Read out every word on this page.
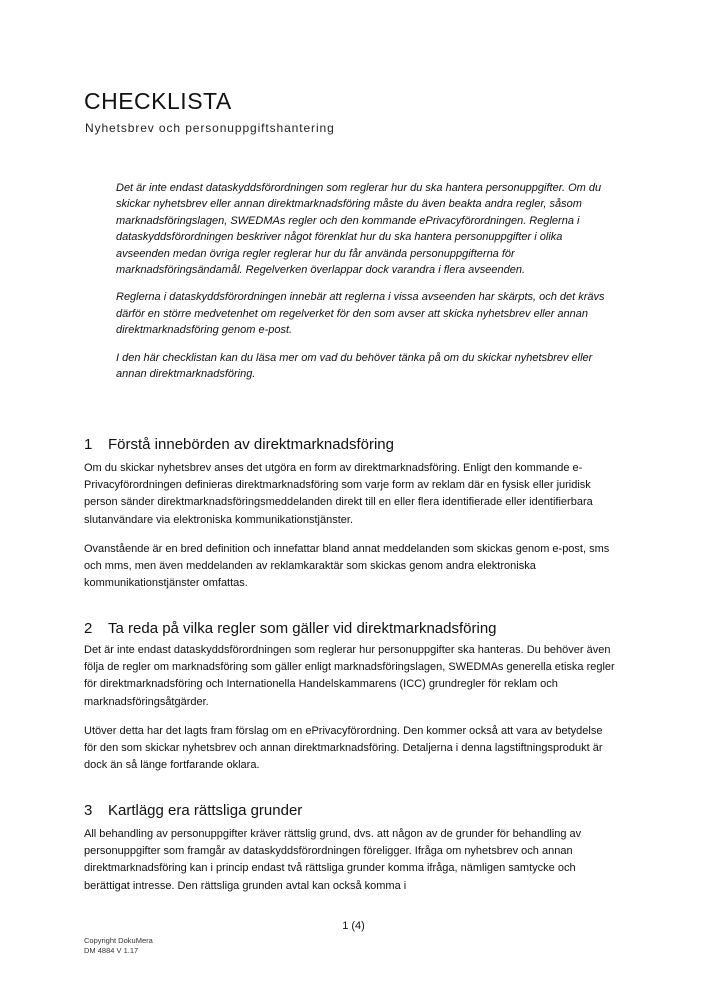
CHECKLISTA
Nyhetsbrev och personuppgiftshantering

Det är inte endast dataskyddsförordningen som reglerar hur du ska hantera personuppgifter. Om du skickar nyhetsbrev eller annan direktmarknadsföring måste du även beakta andra regler, såsom marknadsföringslagen, SWEDMAs regler och den kommande ePrivacyförordningen. Reglerna i dataskyddsförordningen beskriver något förenklat hur du ska hantera personuppgifter i olika avseenden medan övriga regler reglerar hur du får använda personuppgifterna för marknadsföringsändamål. Regelverken överlappar dock varandra i flera avseenden.

Reglerna i dataskyddsförordningen innebär att reglerna i vissa avseenden har skärpts, och det krävs därför en större medvetenhet om regelverket för den som avser att skicka nyhetsbrev eller annan direktmarknadsföring genom e-post.

I den här checklistan kan du läsa mer om vad du behöver tänka på om du skickar nyhetsbrev eller annan direktmarknadsföring.

1 Förstå innebörden av direktmarknadsföring

Om du skickar nyhetsbrev anses det utgöra en form av direktmarknadsföring. Enligt den kommande e-Privacyförordningen definieras direktmarknadsföring som varje form av reklam där en fysisk eller juridisk person sänder direktmarknadsföringsmeddelanden direkt till en eller flera identifierade eller identifierbara slutanvändare via elektroniska kommunikationstjänster.

Ovanstående är en bred definition och innefattar bland annat meddelanden som skickas genom e-post, sms och mms, men även meddelanden av reklamkaraktär som skickas genom andra elektroniska kommunikationstjänster omfattas.

2 Ta reda på vilka regler som gäller vid direktmarknadsföring

Det är inte endast dataskyddsförordningen som reglerar hur personuppgifter ska hanteras. Du behöver även följa de regler om marknadsföring som gäller enligt marknadsföringslagen, SWEDMAs generella etiska regler för direktmarknadsföring och Internationella Handelskammarens (ICC) grundregler för reklam och marknadsföringsåtgärder.

Utöver detta har det lagts fram förslag om en ePrivacyförordning. Den kommer också att vara av betydelse för den som skickar nyhetsbrev och annan direktmarknadsföring. Detaljerna i denna lagstiftningsprodukt är dock än så länge fortfarande oklara.

3 Kartlägg era rättsliga grunder

All behandling av personuppgifter kräver rättslig grund, dvs. att någon av de grunder för behandling av personuppgifter som framgår av dataskyddsförordningen föreligger. Ifråga om nyhetsbrev och annan direktmarknadsföring kan i princip endast två rättsliga grunder komma ifråga, nämligen samtycke och berättigat intresse. Den rättsliga grunden avtal kan också komma i

1 (4)
Copyright DokuMera
DM 4884 V 1.17
